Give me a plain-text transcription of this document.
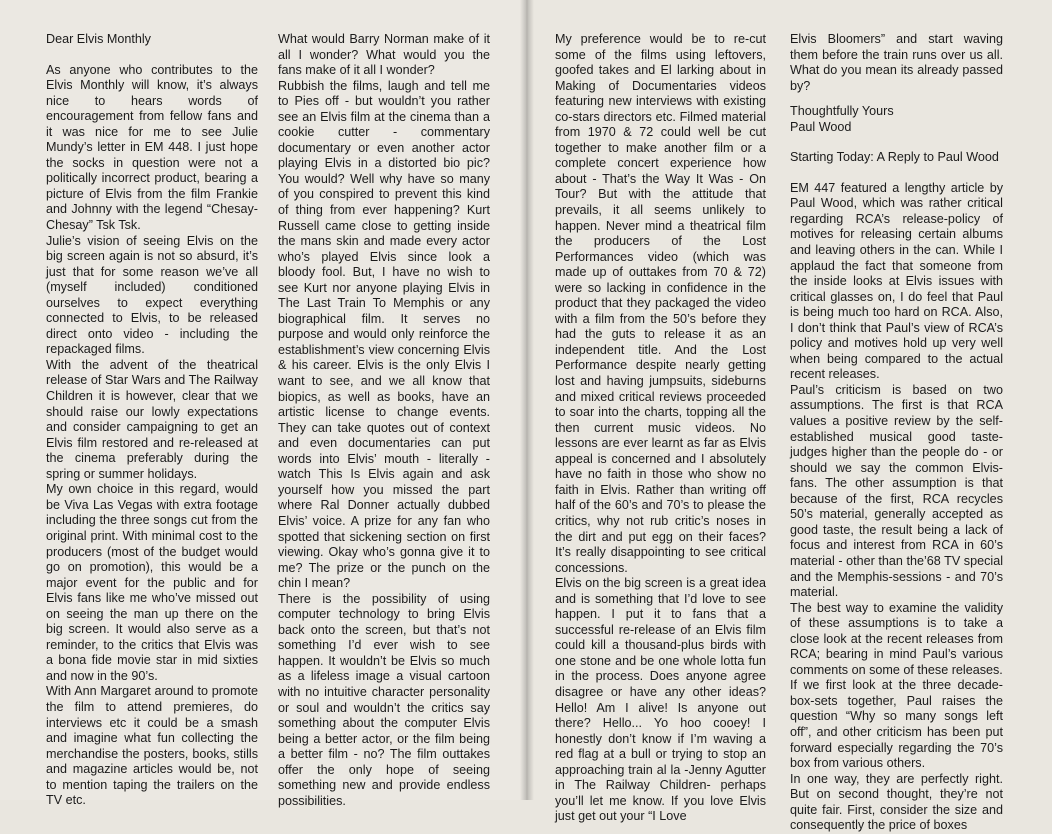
Dear Elvis Monthly

As anyone who contributes to the Elvis Monthly will know, it’s always nice to hears words of encouragement from fellow fans and it was nice for me to see Julie Mundy’s letter in EM 448. I just hope the socks in question were not a politically incorrect product, bearing a picture of Elvis from the film Frankie and Johnny with the legend “Chesay-Chesay” Tsk Tsk.

Julie’s vision of seeing Elvis on the big screen again is not so absurd, it’s just that for some reason we’ve all (myself included) conditioned ourselves to expect everything connected to Elvis, to be released direct onto video - including the repackaged films.

With the advent of the theatrical release of Star Wars and The Railway Children it is however, clear that we should raise our lowly expectations and consider campaigning to get an Elvis film restored and re-released at the cinema preferably during the spring or summer holidays.

My own choice in this regard, would be Viva Las Vegas with extra footage including the three songs cut from the original print. With minimal cost to the producers (most of the budget would go on promotion), this would be a major event for the public and for Elvis fans like me who’ve missed out on seeing the man up there on the big screen. It would also serve as a reminder, to the critics that Elvis was a bona fide movie star in mid sixties and now in the 90’s.

With Ann Margaret around to promote the film to attend premieres, do interviews etc it could be a smash and imagine what fun collecting the merchandise the posters, books, stills and magazine articles would be, not to mention taping the trailers on the TV etc.

What would Barry Norman make of it all I wonder? What would you the fans make of it all I wonder?

Rubbish the films, laugh and tell me to Pies off - but wouldn’t you rather see an Elvis film at the cinema than a cookie cutter - commentary documentary or even another actor playing Elvis in a distorted bio pic? You would? Well why have so many of you conspired to prevent this kind of thing from ever happening? Kurt Russell came close to getting inside the mans skin and made every actor who’s played Elvis since look a bloody fool. But, I have no wish to see Kurt nor anyone playing Elvis in The Last Train To Memphis or any biographical film. It serves no purpose and would only reinforce the establishment’s view concerning Elvis & his career. Elvis is the only Elvis I want to see, and we all know that biopics, as well as books, have an artistic license to change events. They can take quotes out of context and even documentaries can put words into Elvis’ mouth - literally - watch This Is Elvis again and ask yourself how you missed the part where Ral Donner actually dubbed Elvis’ voice. A prize for any fan who spotted that sickening section on first viewing. Okay who’s gonna give it to me? The prize or the punch on the chin I mean?

There is the possibility of using computer technology to bring Elvis back onto the screen, but that’s not something I’d ever wish to see happen. It wouldn’t be Elvis so much as a lifeless image a visual cartoon with no intuitive character personality or soul and wouldn’t the critics say something about the computer Elvis being a better actor, or the film being a better film - no? The film outtakes offer the only hope of seeing something new and provide endless possibilities.

My preference would be to re-cut some of the films using leftovers, goofed takes and El larking about in Making of Documentaries videos featuring new interviews with existing co-stars directors etc. Filmed material from 1970 & 72 could well be cut together to make another film or a complete concert experience how about - That’s the Way It Was - On Tour? But with the attitude that prevails, it all seems unlikely to happen. Never mind a theatrical film the producers of the Lost Performances video (which was made up of outtakes from 70 & 72) were so lacking in confidence in the product that they packaged the video with a film from the 50’s before they had the guts to release it as an independent title. And the Lost Performance despite nearly getting lost and having jumpsuits, sideburns and mixed critical reviews proceeded to soar into the charts, topping all the then current music videos. No lessons are ever learnt as far as Elvis appeal is concerned and I absolutely have no faith in those who show no faith in Elvis. Rather than writing off half of the 60’s and 70’s to please the critics, why not rub critic’s noses in the dirt and put egg on their faces? It’s really disappointing to see critical concessions.

Elvis on the big screen is a great idea and is something that I’d love to see happen. I put it to fans that a successful re-release of an Elvis film could kill a thousand-plus birds with one stone and be one whole lotta fun in the process. Does anyone agree disagree or have any other ideas? Hello! Am I alive! Is anyone out there? Hello... Yo hoo cooey! I honestly don’t know if I’m waving a red flag at a bull or trying to stop an approaching train al la -Jenny Agutter in The Railway Children- perhaps you’ll let me know. If you love Elvis just get out your “I Love

Elvis Bloomers” and start waving them before the train runs over us all. What do you mean its already passed by?

Thoughtfully Yours

Paul Wood

Starting Today: A Reply to Paul Wood

EM 447 featured a lengthy article by Paul Wood, which was rather critical regarding RCA’s release-policy of motives for releasing certain albums and leaving others in the can. While I applaud the fact that someone from the inside looks at Elvis issues with critical glasses on, I do feel that Paul is being much too hard on RCA. Also, I don’t think that Paul’s view of RCA’s policy and motives hold up very well when being compared to the actual recent releases.

Paul’s criticism is based on two assumptions. The first is that RCA values a positive review by the self-established musical good taste-judges higher than the people do - or should we say the common Elvis-fans. The other assumption is that because of the first, RCA recycles 50’s material, generally accepted as good taste, the result being a lack of focus and interest from RCA in 60’s material - other than the’68 TV special and the Memphis-sessions - and 70’s material.

The best way to examine the validity of these assumptions is to take a close look at the recent releases from RCA; bearing in mind Paul’s various comments on some of these releases.

If we first look at the three decade-box-sets together, Paul raises the question “Why so many songs left off”, and other criticism has been put forward especially regarding the 70’s box from various others.

In one way, they are perfectly right. But on second thought, they’re not quite fair. First, consider the size and consequently the price of boxes
